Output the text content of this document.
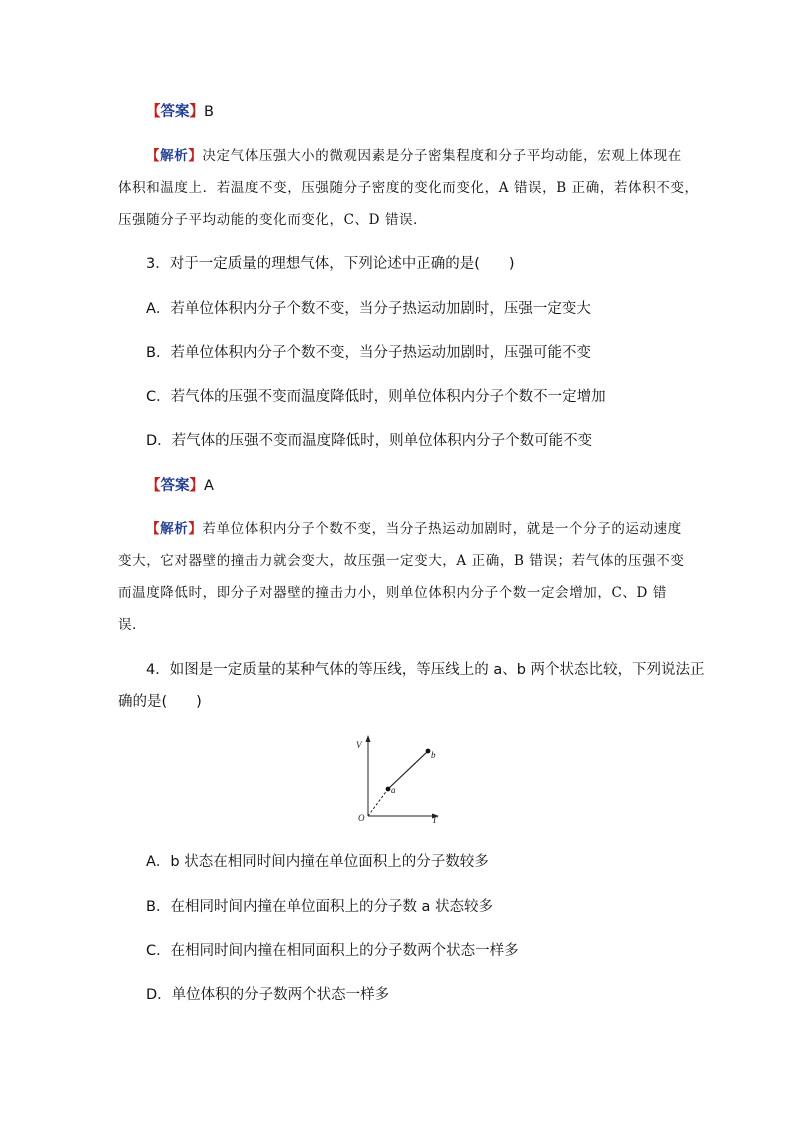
【答案】B
【解析】决定气体压强大小的微观因素是分子密集程度和分子平均动能，宏观上体现在
体积和温度上．若温度不变，压强随分子密度的变化而变化，A 错误，B 正确，若体积不变，
压强随分子平均动能的变化而变化，C、D 错误．
3．对于一定质量的理想气体，下列论述中正确的是(　　)
A．若单位体积内分子个数不变，当分子热运动加剧时，压强一定变大
B．若单位体积内分子个数不变，当分子热运动加剧时，压强可能不变
C．若气体的压强不变而温度降低时，则单位体积内分子个数不一定增加
D．若气体的压强不变而温度降低时，则单位体积内分子个数可能不变
【答案】A
【解析】若单位体积内分子个数不变，当分子热运动加剧时，就是一个分子的运动速度
变大，它对器壁的撞击力就会变大，故压强一定变大，A 正确，B 错误；若气体的压强不变
而温度降低时，即分子对器壁的撞击力小，则单位体积内分子个数一定会增加，C、D 错
误．
4．如图是一定质量的某种气体的等压线，等压线上的 a、b 两个状态比较，下列说法正
确的是(　　)
V
T
O
a
b
A．b 状态在相同时间内撞在单位面积上的分子数较多
B．在相同时间内撞在单位面积上的分子数 a 状态较多
C．在相同时间内撞在相同面积上的分子数两个状态一样多
D．单位体积的分子数两个状态一样多
